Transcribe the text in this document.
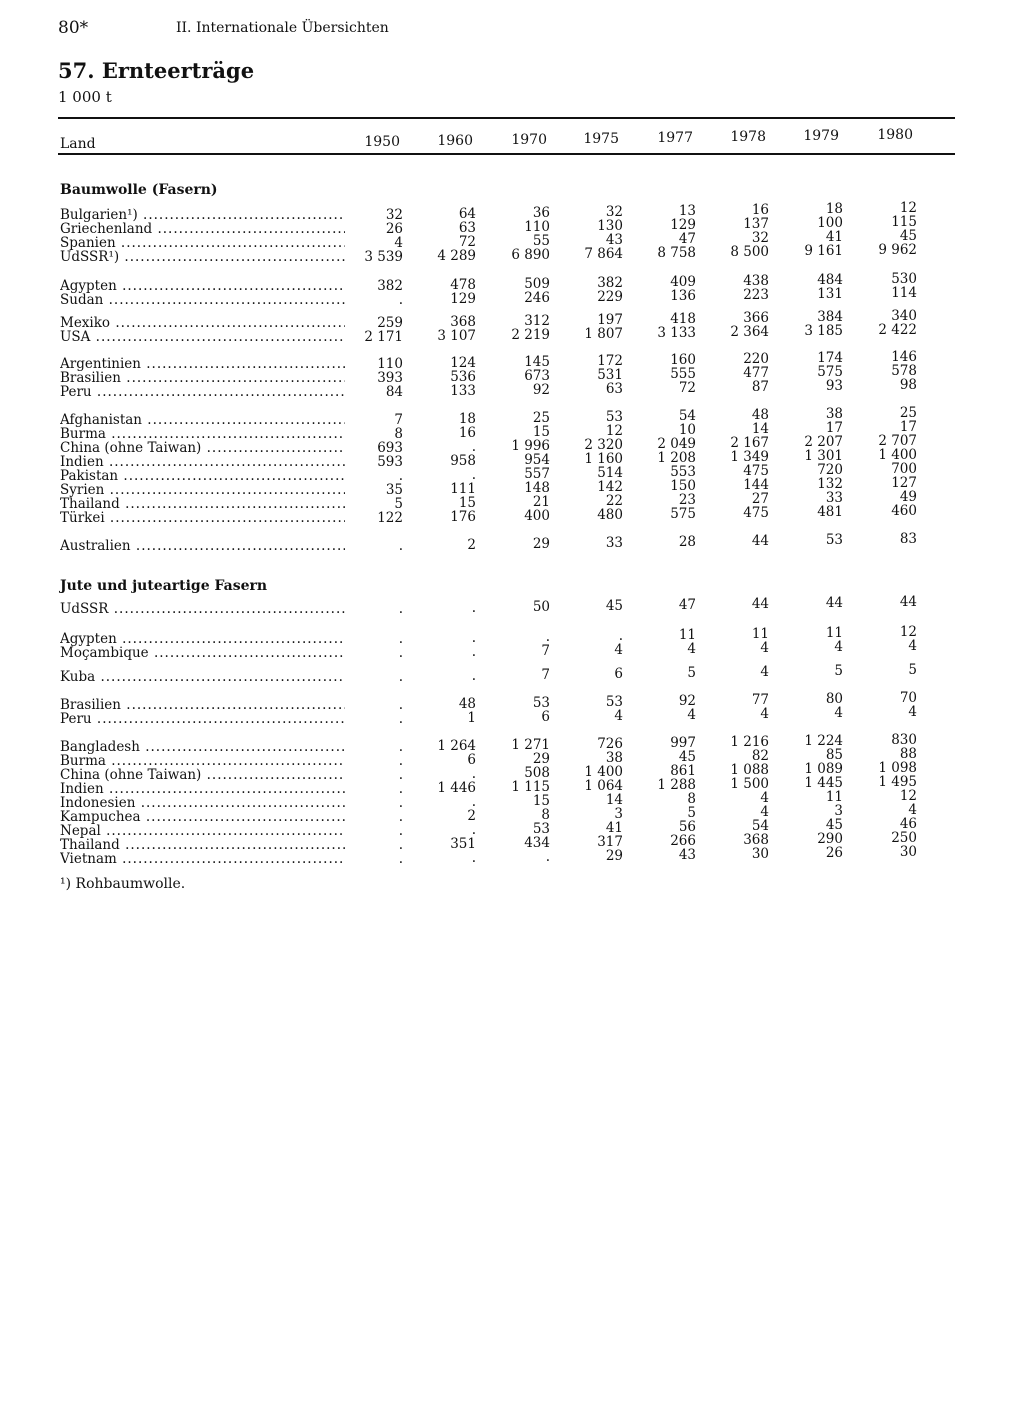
80*	II. Internationale Übersichten
57. Ernteerträge
1 000 t
Land	1950	1960	1970	1975	1977	1978	1979	1980
Baumwolle (Fasern)
Bulgarien¹) .....	32	64	36	32	13	16	18	12
Griechenland .....	26	63	110	130	129	137	100	115
Spanien .....	4	72	55	43	47	32	41	45
UdSSR¹) .....	3 539	4 289	6 890	7 864	8 758	8 500	9 161	9 962
Ägypten .....	382	478	509	382	409	438	484	530
Sudan .....	.	129	246	229	136	223	131	114
Mexiko .....	259	368	312	197	418	366	384	340
USA .....	2 171	3 107	2 219	1 807	3 133	2 364	3 185	2 422
Argentinien .....	110	124	145	172	160	220	174	146
Brasilien .....	393	536	673	531	555	477	575	578
Peru .....	84	133	92	63	72	87	93	98
Afghanistan .....	7	18	25	53	54	48	38	25
Burma .....	8	16	15	12	10	14	17	17
China (ohne Taiwan) .....	693	.	1 996	2 320	2 049	2 167	2 207	2 707
Indien .....	593	958	954	1 160	1 208	1 349	1 301	1 400
Pakistan .....	.	.	557	514	553	475	720	700
Syrien .....	35	111	148	142	150	144	132	127
Thailand .....	5	15	21	22	23	27	33	49
Türkei .....	122	176	400	480	575	475	481	460
Australien .....	.	2	29	33	28	44	53	83
Jute und juteartige Fasern
UdSSR .....	.	.	50	45	47	44	44	44
Ägypten .....	.	.	.	.	11	11	11	12
Moçambique .....	.	.	7	4	4	4	4	4
Kuba .....	.	.	7	6	5	4	5	5
Brasilien .....	.	48	53	53	92	77	80	70
Peru .....	.	1	6	4	4	4	4	4
Bangladesh .....	.	1 264	1 271	726	997	1 216	1 224	830
Burma .....	.	6	29	38	45	82	85	88
China (ohne Taiwan) .....	.	.	508	1 400	861	1 088	1 089	1 098
Indien .....	.	1 446	1 115	1 064	1 288	1 500	1 445	1 495
Indonesien .....	.	.	15	14	8	4	11	12
Kampuchea .....	.	2	8	3	5	4	3	4
Nepal .....	.	.	53	41	56	54	45	46
Thailand .....	.	351	434	317	266	368	290	250
Vietnam .....	.	.	.	29	43	30	26	30
¹) Rohbaumwolle.
